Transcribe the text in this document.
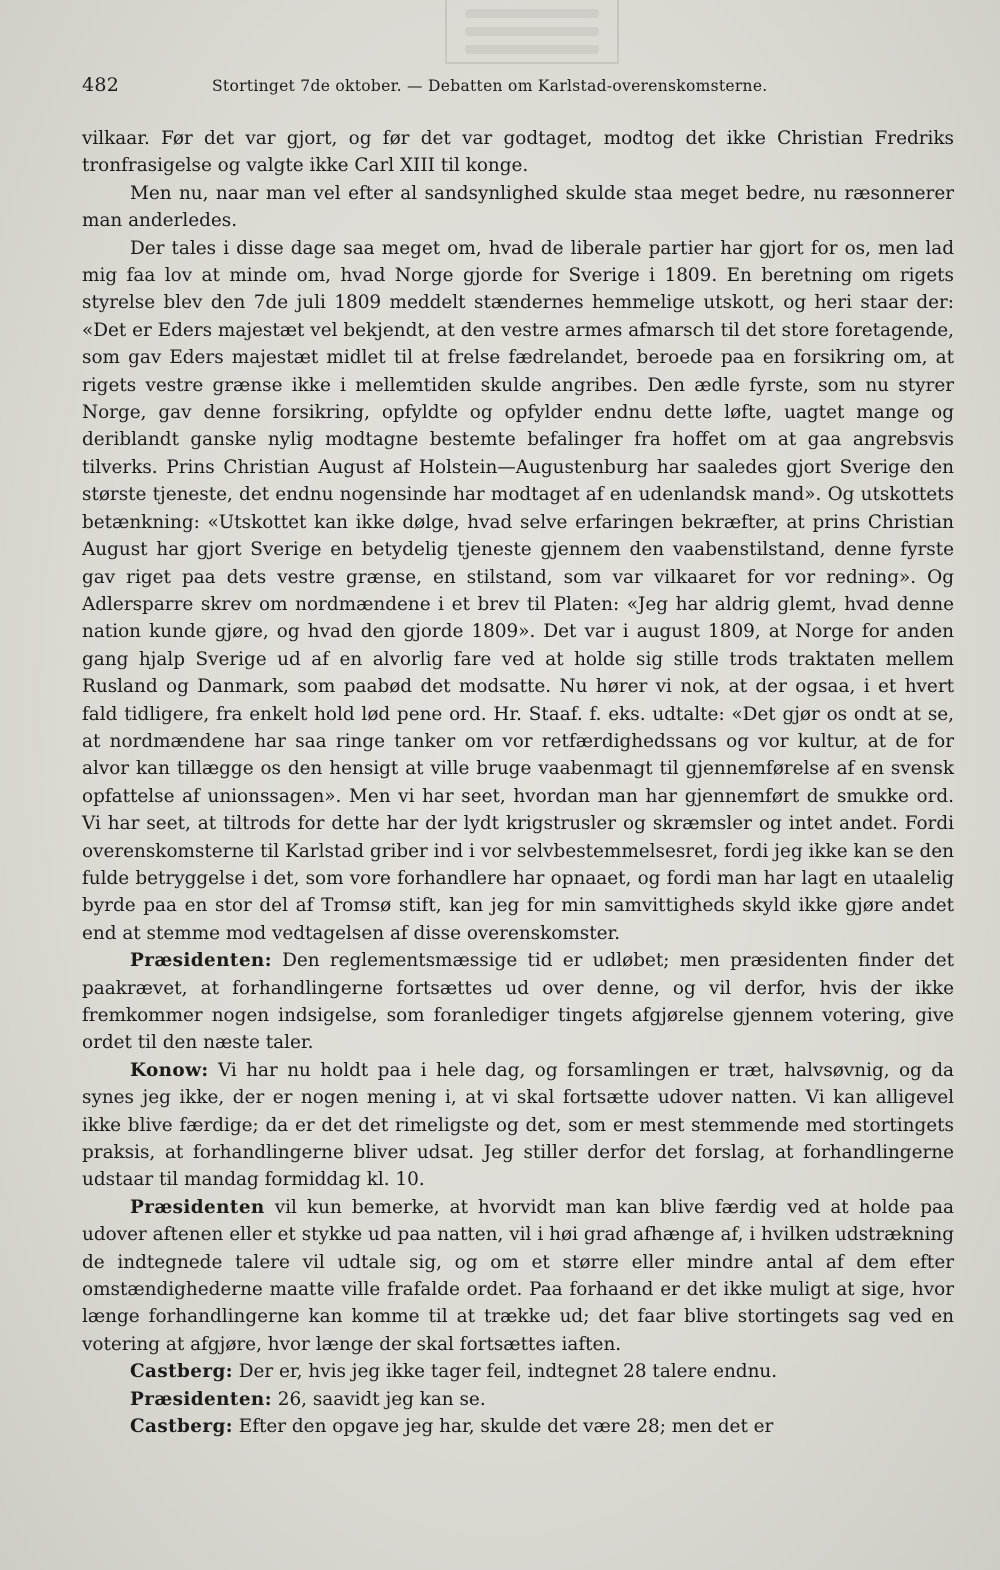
482	Stortinget 7de oktober. — Debatten om Karlstad-overenskomsterne.

vilkaar. Før det var gjort, og før det var godtaget, modtog det ikke Christian Fredriks tronfrasigelse og valgte ikke Carl XIII til konge.

Men nu, naar man vel efter al sandsynlighed skulde staa meget bedre, nu ræsonnerer man anderledes.

Der tales i disse dage saa meget om, hvad de liberale partier har gjort for os, men lad mig faa lov at minde om, hvad Norge gjorde for Sverige i 1809. En beretning om rigets styrelse blev den 7de juli 1809 meddelt stændernes hemmelige utskott, og heri staar der: «Det er Eders majestæt vel bekjendt, at den vestre armes afmarsch til det store foretagende, som gav Eders majestæt midlet til at frelse fædrelandet, beroede paa en forsikring om, at rigets vestre grænse ikke i mellemtiden skulde angribes. Den ædle fyrste, som nu styrer Norge, gav denne forsikring, opfyldte og opfylder endnu dette løfte, uagtet mange og deriblandt ganske nylig modtagne bestemte befalinger fra hoffet om at gaa angrebsvis tilverks. Prins Christian August af Holstein—Augustenburg har saaledes gjort Sverige den største tjeneste, det endnu nogensinde har modtaget af en udenlandsk mand». Og utskottets betænkning: «Utskottet kan ikke dølge, hvad selve erfaringen bekræfter, at prins Christian August har gjort Sverige en betydelig tjeneste gjennem den vaabenstilstand, denne fyrste gav riget paa dets vestre grænse, en stilstand, som var vilkaaret for vor redning». Og Adlersparre skrev om nordmændene i et brev til Platen: «Jeg har aldrig glemt, hvad denne nation kunde gjøre, og hvad den gjorde 1809». Det var i august 1809, at Norge for anden gang hjalp Sverige ud af en alvorlig fare ved at holde sig stille trods traktaten mellem Rusland og Danmark, som paabød det modsatte. Nu hører vi nok, at der ogsaa, i et hvert fald tidligere, fra enkelt hold lød pene ord. Hr. Staaf. f. eks. udtalte: «Det gjør os ondt at se, at nordmændene har saa ringe tanker om vor retfærdighedssans og vor kultur, at de for alvor kan tillægge os den hensigt at ville bruge vaabenmagt til gjennemførelse af en svensk opfattelse af unionssagen». Men vi har seet, hvordan man har gjennemført de smukke ord. Vi har seet, at tiltrods for dette har der lydt krigstrusler og skræmsler og intet andet. Fordi overenskomsterne til Karlstad griber ind i vor selvbestemmelsesret, fordi jeg ikke kan se den fulde betryggelse i det, som vore forhandlere har opnaaet, og fordi man har lagt en utaalelig byrde paa en stor del af Tromsø stift, kan jeg for min samvittigheds skyld ikke gjøre andet end at stemme mod vedtagelsen af disse overenskomster.

Præsidenten: Den reglementsmæssige tid er udløbet; men præsidenten finder det paakrævet, at forhandlingerne fortsættes ud over denne, og vil derfor, hvis der ikke fremkommer nogen indsigelse, som foranlediger tingets afgjørelse gjennem votering, give ordet til den næste taler.

Konow: Vi har nu holdt paa i hele dag, og forsamlingen er træt, halvsøvnig, og da synes jeg ikke, der er nogen mening i, at vi skal fortsætte udover natten. Vi kan alligevel ikke blive færdige; da er det det rimeligste og det, som er mest stemmende med stortingets praksis, at forhandlingerne bliver udsat. Jeg stiller derfor det forslag, at forhandlingerne udstaar til mandag formiddag kl. 10.

Præsidenten vil kun bemerke, at hvorvidt man kan blive færdig ved at holde paa udover aftenen eller et stykke ud paa natten, vil i høi grad afhænge af, i hvilken udstrækning de indtegnede talere vil udtale sig, og om et større eller mindre antal af dem efter omstændighederne maatte ville frafalde ordet. Paa forhaand er det ikke muligt at sige, hvor længe forhandlingerne kan komme til at trække ud; det faar blive stortingets sag ved en votering at afgjøre, hvor længe der skal fortsættes iaften.

Castberg: Der er, hvis jeg ikke tager feil, indtegnet 28 talere endnu.

Præsidenten: 26, saavidt jeg kan se.

Castberg: Efter den opgave jeg har, skulde det være 28; men det er
